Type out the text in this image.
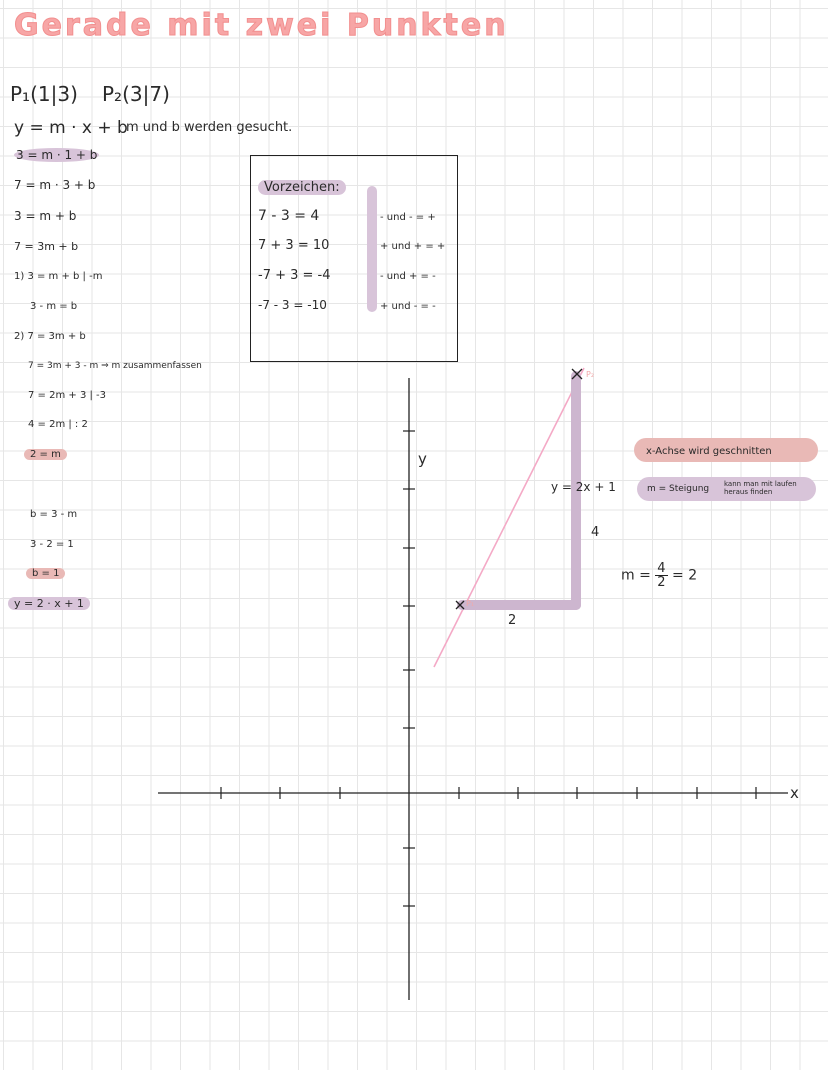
Gerade mit zwei Punkten
P₁(1|3) P₂(3|7)
y = m · x + b
m und b werden gesucht.
3 = m · 1 + b
7 = m · 3 + b
3 = m + b
7 = 3m + b
1) 3 = m + b | -m
3 - m = b
2) 7 = 3m + b
7 = 3m + 3 - m ⇒ m zusammenfassen
7 = 2m + 3 | -3
4 = 2m | : 2
2 = m
b = 3 - m
3 - 2 = 1
b = 1
y = 2 · x + 1
Vorzeichen:
7 - 3 = 4	- und - = +
7 + 3 = 10	+ und + = +
-7 + 3 = -4	- und + = -
-7 - 3 = -10	+ und - = -
x
y
P₁
P₂
2
4
y = 2x + 1
$m = \frac{4}{2} = 2$
x-Achse wird geschnitten
m = Steigung kann man mit laufen heraus finden
